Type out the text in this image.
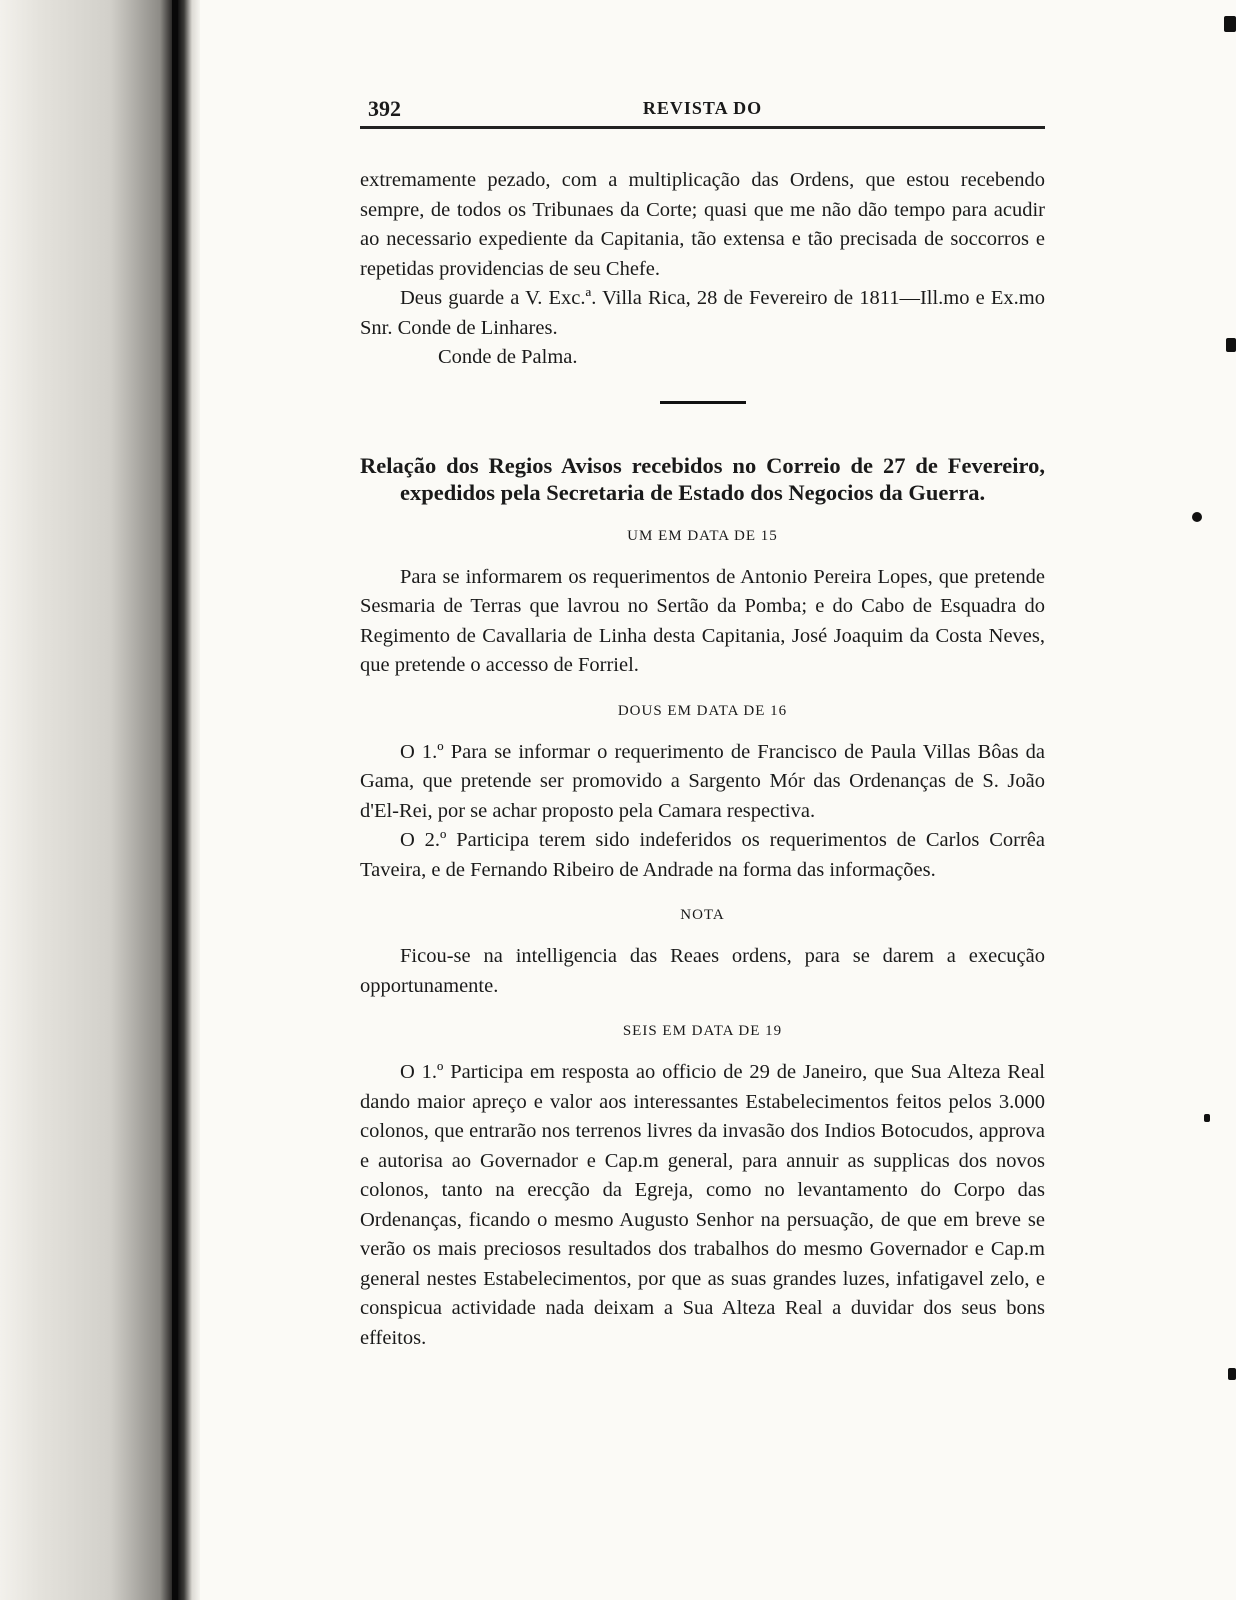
392	REVISTA DO

extremamente pezado, com a multiplicação das Ordens, que estou recebendo sempre, de todos os Tribunaes da Corte; quasi que me não dão tempo para acudir ao necessario expediente da Capitania, tão extensa e tão precisada de soccorros e repetidas providencias de seu Chefe.

Deus guarde a V. Exc.ª. Villa Rica, 28 de Fevereiro de 1811—Ill.mo e Ex.mo Snr. Conde de Linhares.

Conde de Palma.

Relação dos Regios Avisos recebidos no Correio de 27 de Fevereiro, expedidos pela Secretaria de Estado dos Negocios da Guerra.

UM EM DATA DE 15

Para se informarem os requerimentos de Antonio Pereira Lopes, que pretende Sesmaria de Terras que lavrou no Sertão da Pomba; e do Cabo de Esquadra do Regimento de Cavallaria de Linha desta Capitania, José Joaquim da Costa Neves, que pretende o accesso de Forriel.

DOUS EM DATA DE 16

O 1.º Para se informar o requerimento de Francisco de Paula Villas Bôas da Gama, que pretende ser promovido a Sargento Mór das Ordenanças de S. João d'El-Rei, por se achar proposto pela Camara respectiva.

O 2.º Participa terem sido indeferidos os requerimentos de Carlos Corrêa Taveira, e de Fernando Ribeiro de Andrade na forma das informações.

NOTA

Ficou-se na intelligencia das Reaes ordens, para se darem a execução opportunamente.

SEIS EM DATA DE 19

O 1.º Participa em resposta ao officio de 29 de Janeiro, que Sua Alteza Real dando maior apreço e valor aos interessantes Estabelecimentos feitos pelos 3.000 colonos, que entrarão nos terrenos livres da invasão dos Indios Botocudos, approva e autorisa ao Governador e Cap.m general, para annuir as supplicas dos novos colonos, tanto na erecção da Egreja, como no levantamento do Corpo das Ordenanças, ficando o mesmo Augusto Senhor na persuação, de que em breve se verão os mais preciosos resultados dos trabalhos do mesmo Governador e Cap.m general nestes Estabelecimentos, por que as suas grandes luzes, infatigavel zelo, e conspicua actividade nada deixam a Sua Alteza Real a duvidar dos seus bons effeitos.
